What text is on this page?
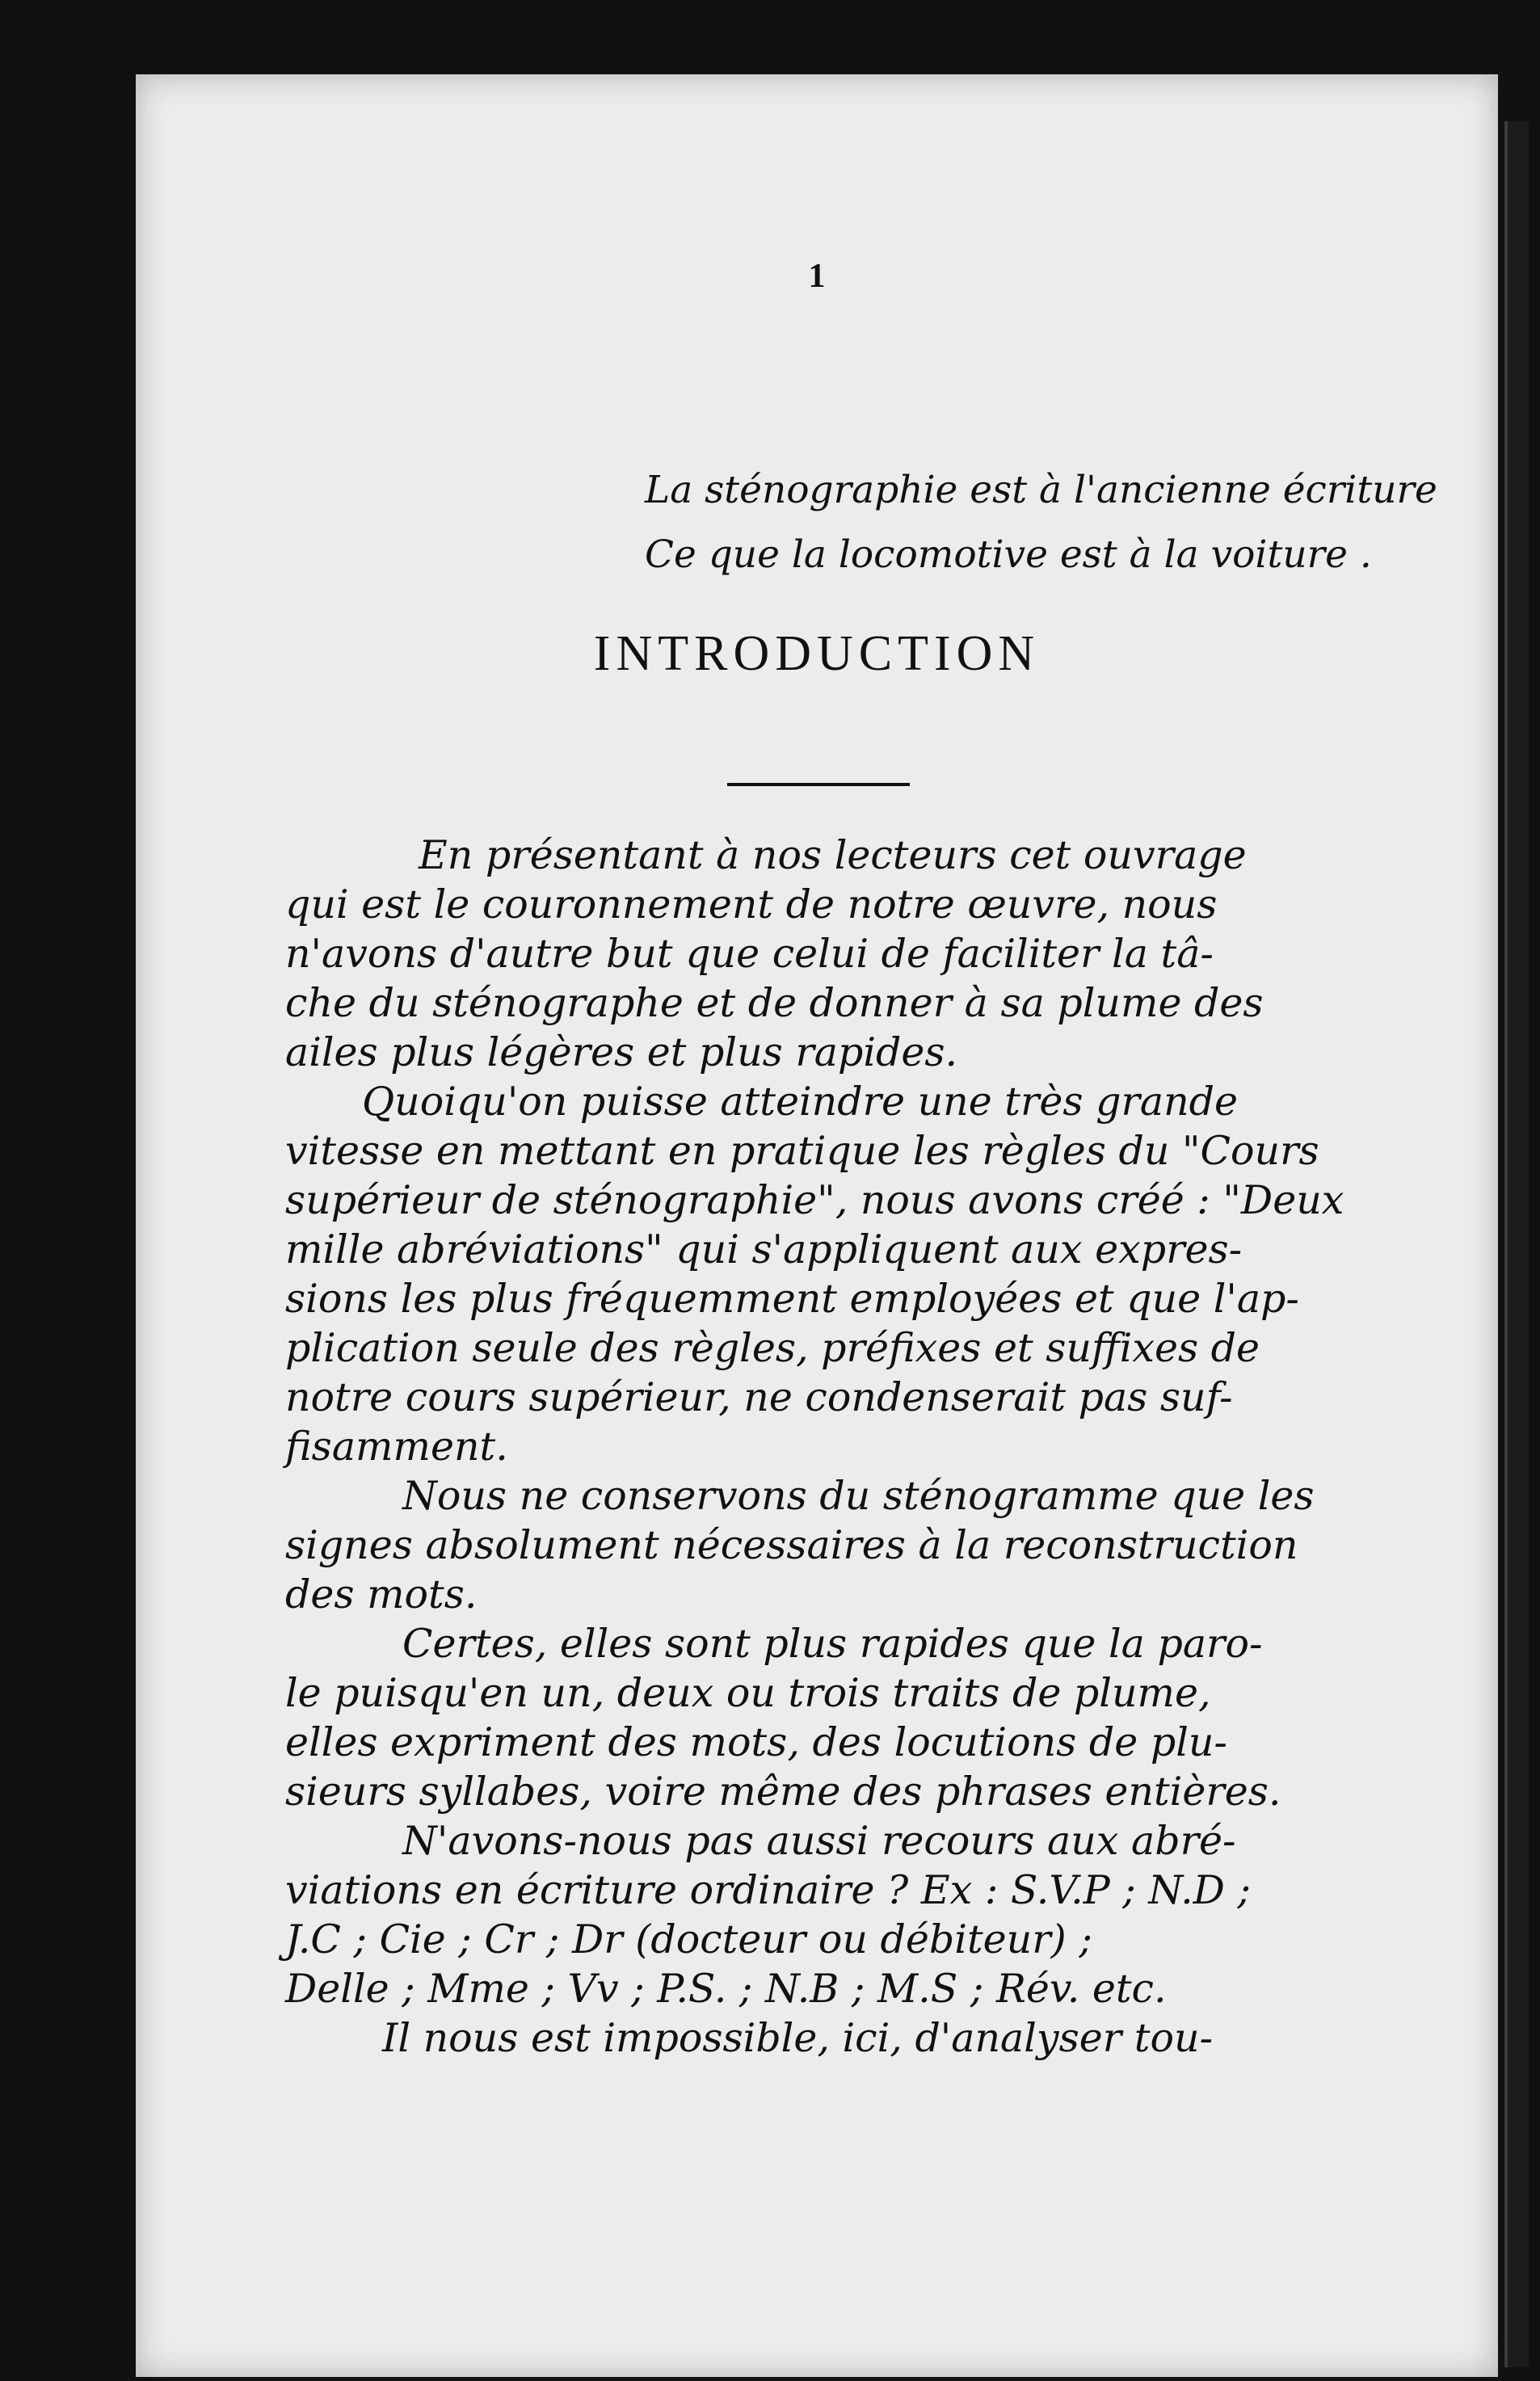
1
La sténographie est à l'ancienne écriture
Ce que la locomotive est à la voiture .
INTRODUCTION
En présentant à nos lecteurs cet ouvrage
qui est le couronnement de notre œuvre, nous
n'avons d'autre but que celui de faciliter la tâ-
che du sténographe et de donner à sa plume des
ailes plus légères et plus rapides.
Quoiqu'on puisse atteindre une très grande
vitesse en mettant en pratique les règles du "Cours
supérieur de sténographie", nous avons créé : "Deux
mille abréviations" qui s'appliquent aux expres-
sions les plus fréquemment employées et que l'ap-
plication seule des règles, préfixes et suffixes de
notre cours supérieur, ne condenserait pas suf-
fisamment.
Nous ne conservons du sténogramme que les
signes absolument nécessaires à la reconstruction
des mots.
Certes, elles sont plus rapides que la paro-
le puisqu'en un, deux ou trois traits de plume,
elles expriment des mots, des locutions de plu-
sieurs syllabes, voire même des phrases entières.
N'avons-nous pas aussi recours aux abré-
viations en écriture ordinaire ? Ex : S.V.P ; N.D ;
J.C ; Cie ; Cr ; Dr (docteur ou débiteur) ;
Delle ; Mme ; Vv ; P.S. ; N.B ; M.S ; Rév. etc.
Il nous est impossible, ici, d'analyser tou-
